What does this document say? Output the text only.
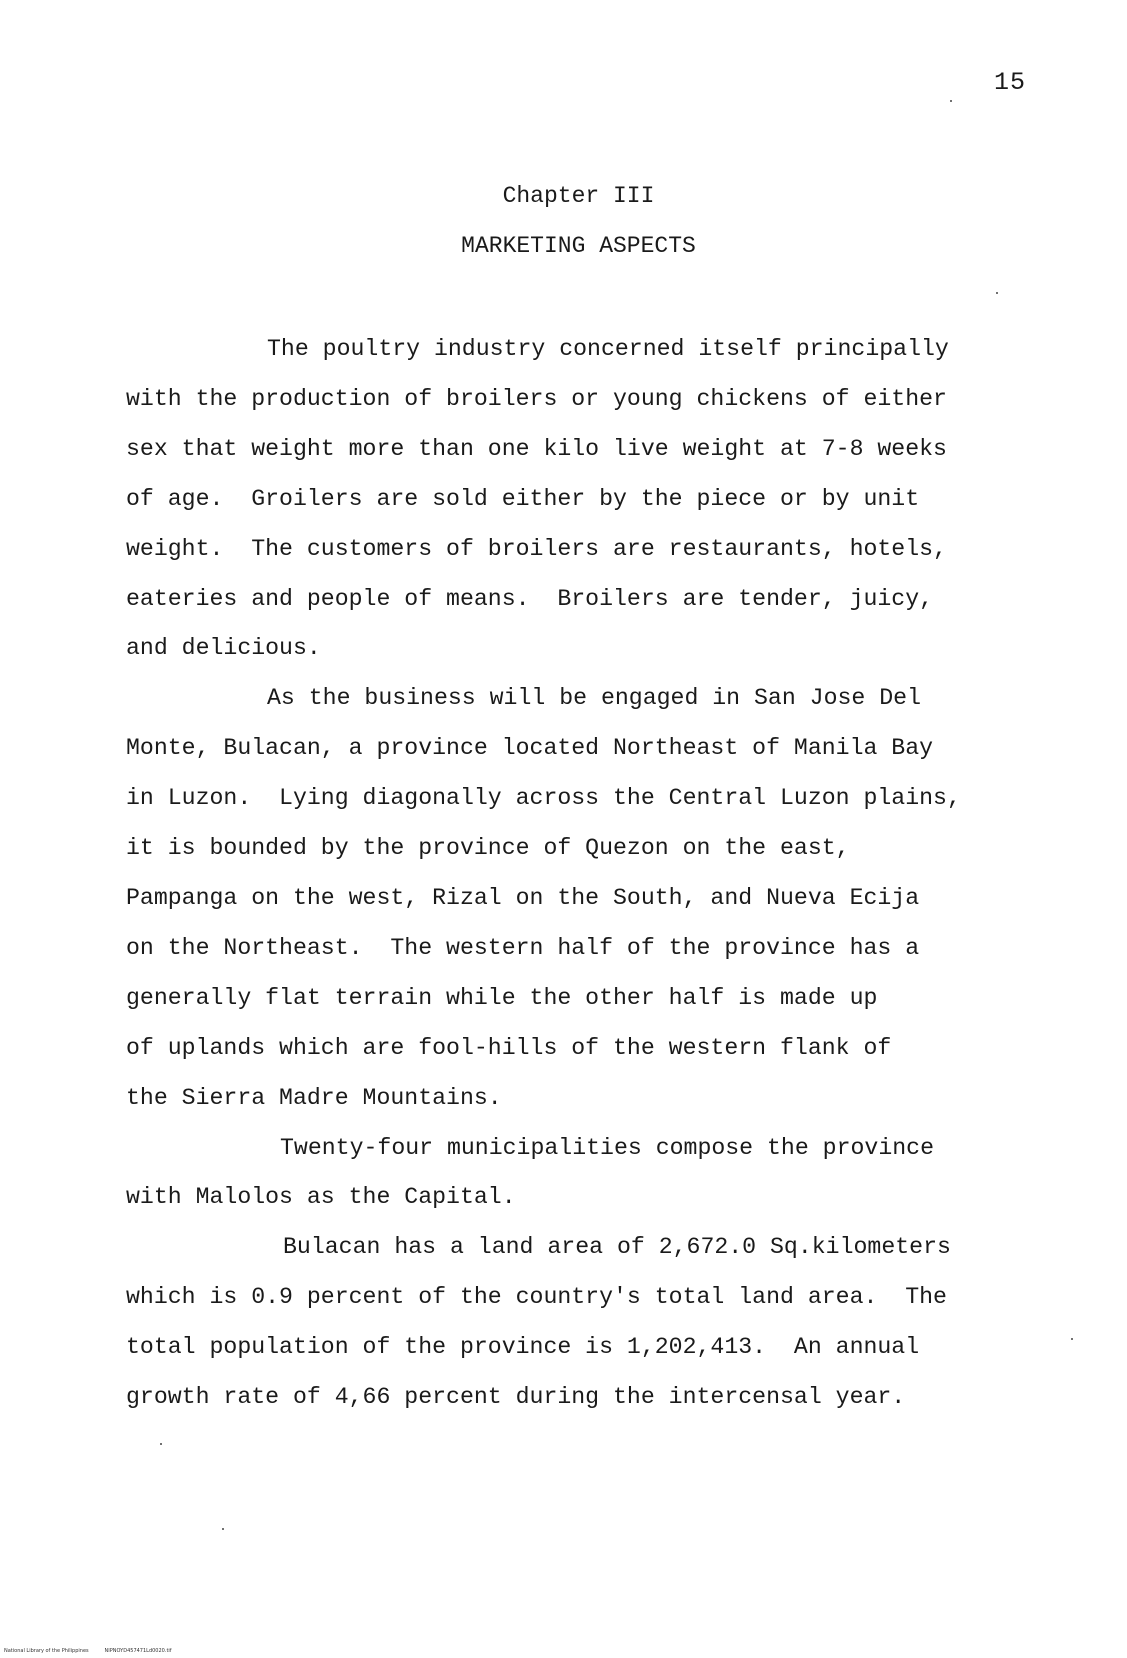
15
Chapter III
MARKETING ASPECTS
The poultry industry concerned itself principally
with the production of broilers or young chickens of either
sex that weight more than one kilo live weight at 7-8 weeks
of age.  Groilers are sold either by the piece or by unit
weight.  The customers of broilers are restaurants, hotels,
eateries and people of means.  Broilers are tender, juicy,
and delicious.
As the business will be engaged in San Jose Del
Monte, Bulacan, a province located Northeast of Manila Bay
in Luzon.  Lying diagonally across the Central Luzon plains,
it is bounded by the province of Quezon on the east,
Pampanga on the west, Rizal on the South, and Nueva Ecija
on the Northeast.  The western half of the province has a
generally flat terrain while the other half is made up
of uplands which are fool-hills of the western flank of
the Sierra Madre Mountains.
Twenty-four municipalities compose the province
with Malolos as the Capital.
Bulacan has a land area of 2,672.0 Sq.kilometers
which is 0.9 percent of the country's total land area.  The
total population of the province is 1,202,413.  An annual
growth rate of 4,66 percent during the intercensal year.
National Library of the Philippines	NIPNOYD457471Ld0020.tif
